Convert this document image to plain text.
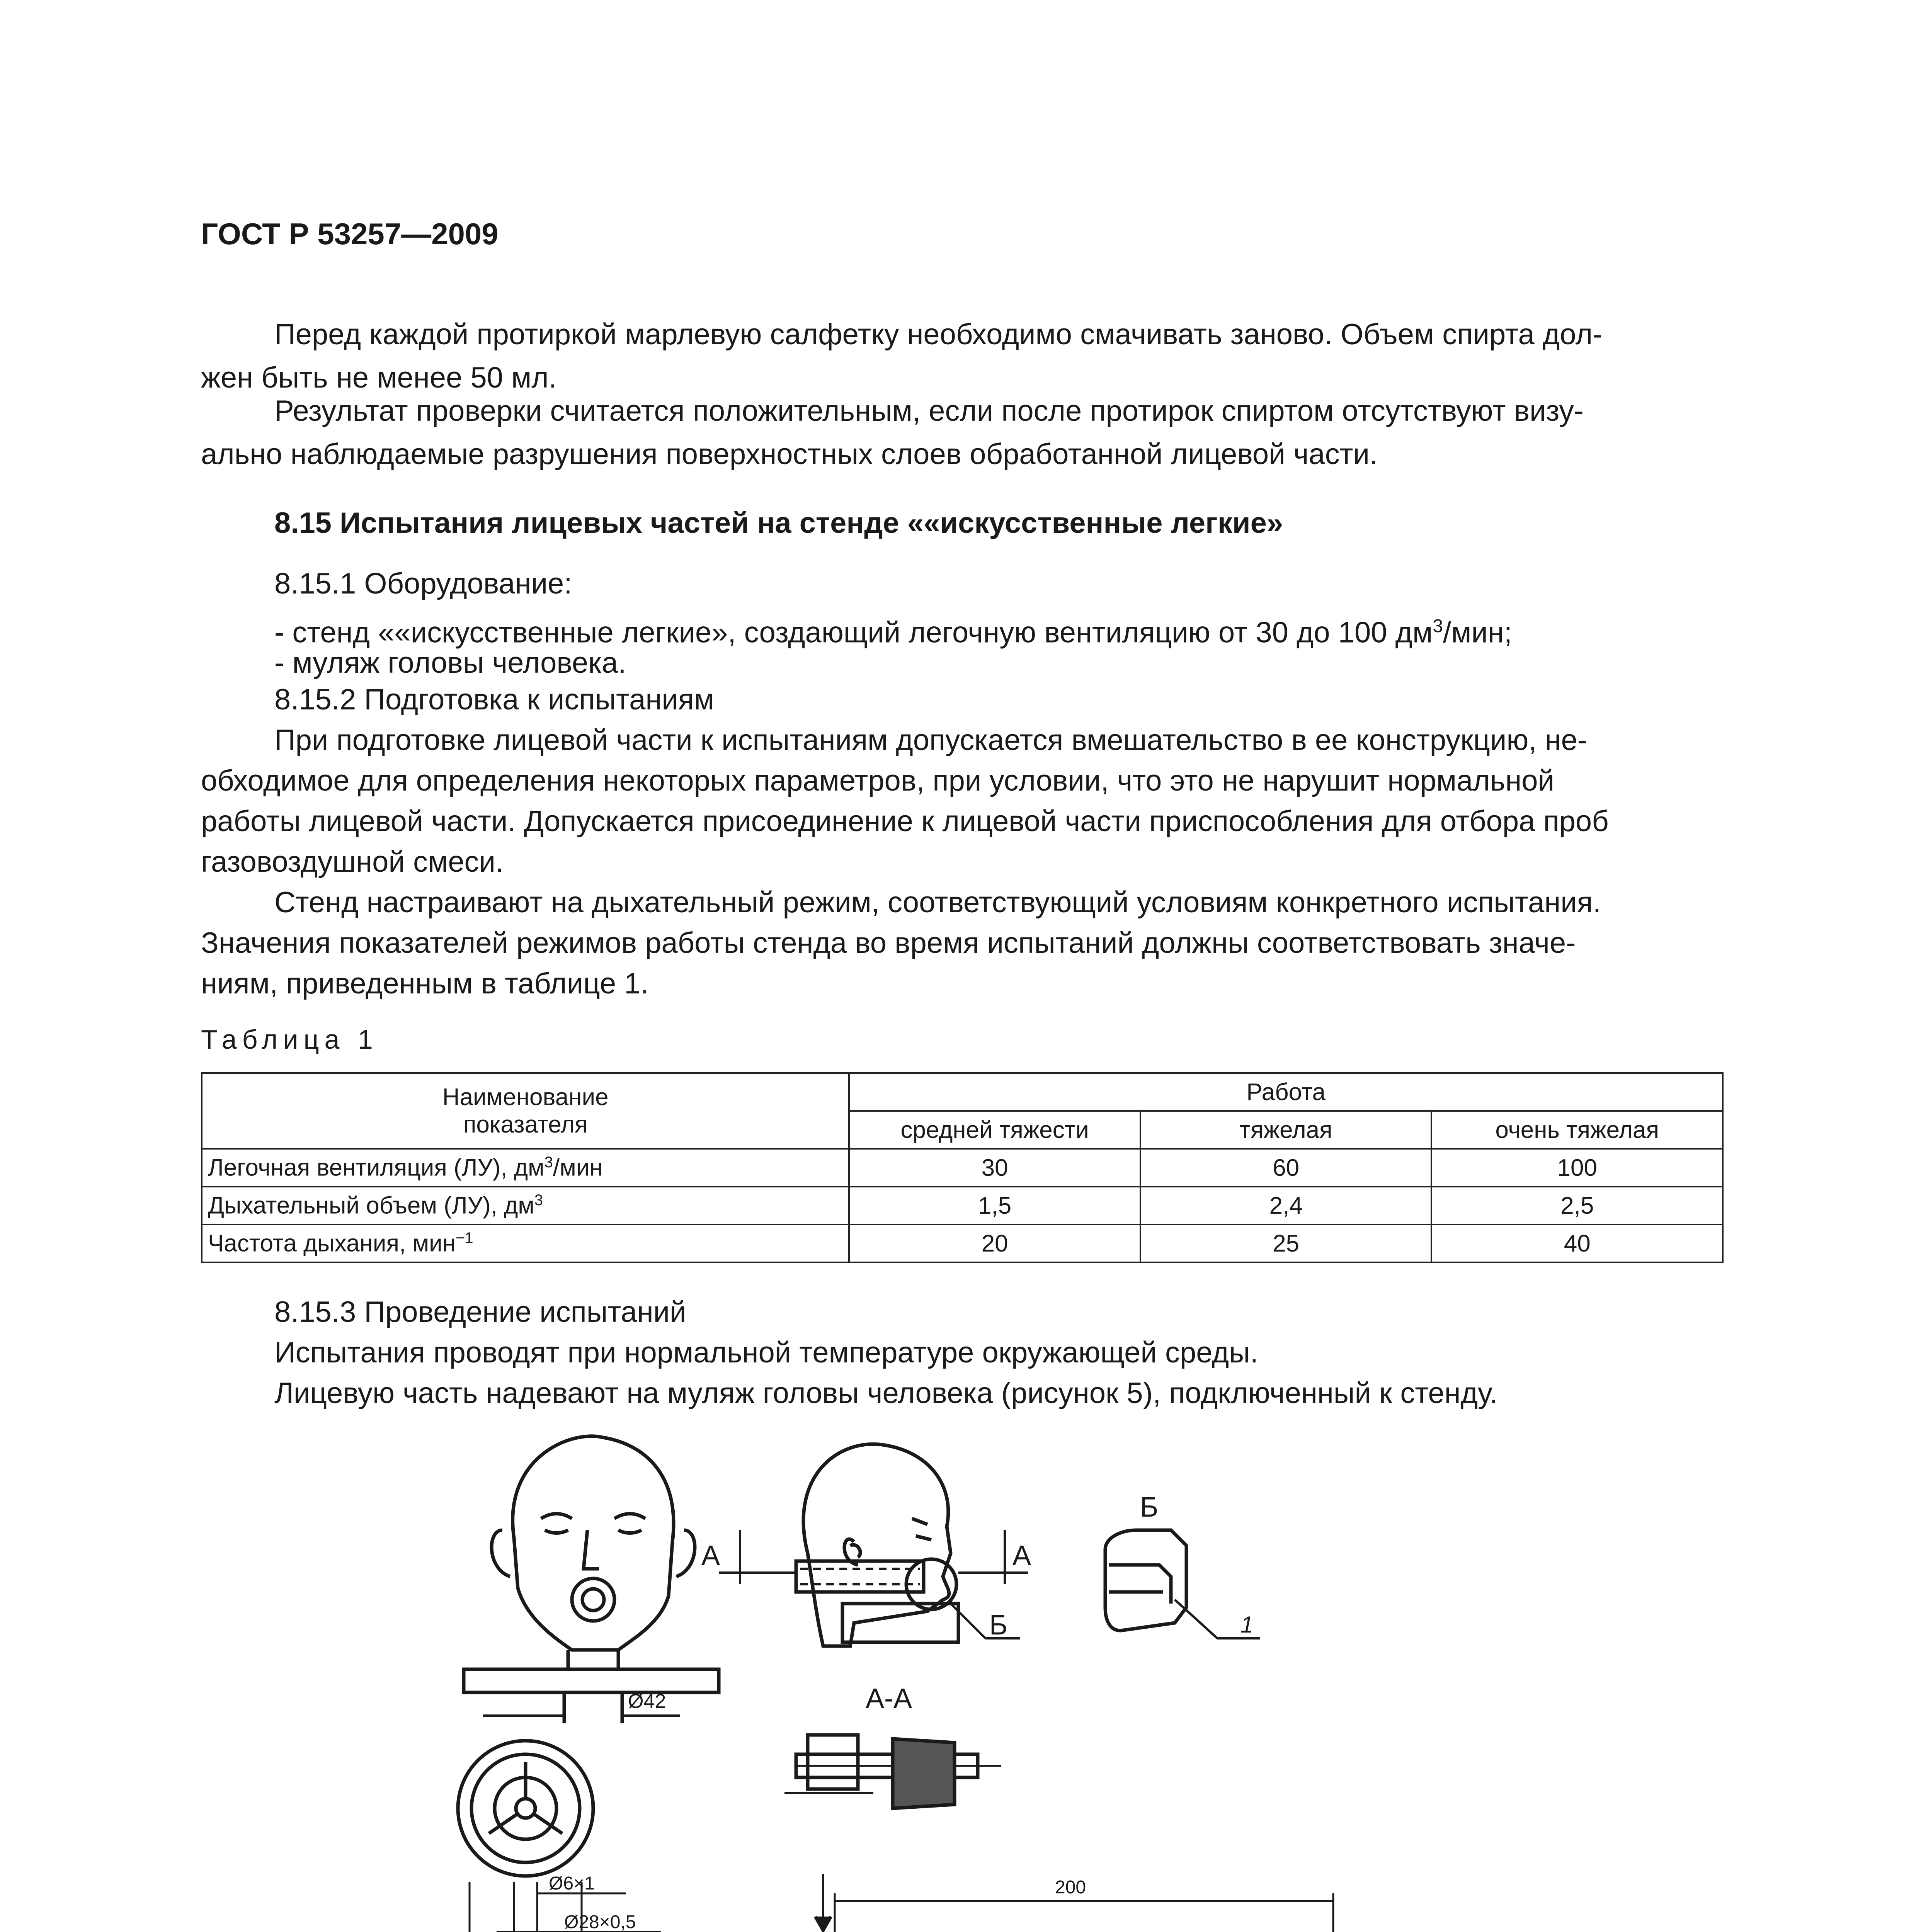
ГОСТ Р 53257—2009
Перед каждой протиркой марлевую салфетку необходимо смачивать заново. Объем спирта дол-
жен быть не менее 50 мл.
Результат проверки считается положительным, если после протирок спиртом отсутствуют визу-
ально наблюдаемые разрушения поверхностных слоев обработанной лицевой части.
8.15 Испытания лицевых частей на стенде ««искусственные легкие»
8.15.1 Оборудование:
- стенд ««искусственные легкие», создающий легочную вентиляцию от 30 до 100 $дм^3$/мин;
- муляж головы человека.
8.15.2 Подготовка к испытаниям
При подготовке лицевой части к испытаниям допускается вмешательство в ее конструкцию, не-
обходимое для определения некоторых параметров, при условии, что это не нарушит нормальной
работы лицевой части. Допускается присоединение к лицевой части приспособления для отбора проб
газовоздушной смеси.
Стенд настраивают на дыхательный режим, соответствующий условиям конкретного испытания.
Значения показателей режимов работы стенда во время испытаний должны соответствовать значе-
ниям, приведенным в таблице 1.
Таблица 1
Наименование
показателя	Работа		
	средней тяжести	тяжелая	очень тяжелая
Легочная вентиляция (ЛУ), $дм^3$/мин	30	60	100
Дыхательный объем (ЛУ), $дм^3$	1,5	2,4	2,5
Частота дыхания, мин$^{-1}$	20	25	40
8.15.3 Проведение испытаний
Испытания проводят при нормальной температуре окружающей среды.
Лицевую часть надевают на муляж головы человека (рисунок 5), подключенный к стенду.
Ø42
Ø6×1
Ø28×0,5
А	А
Б
Б
1
А-А
200
